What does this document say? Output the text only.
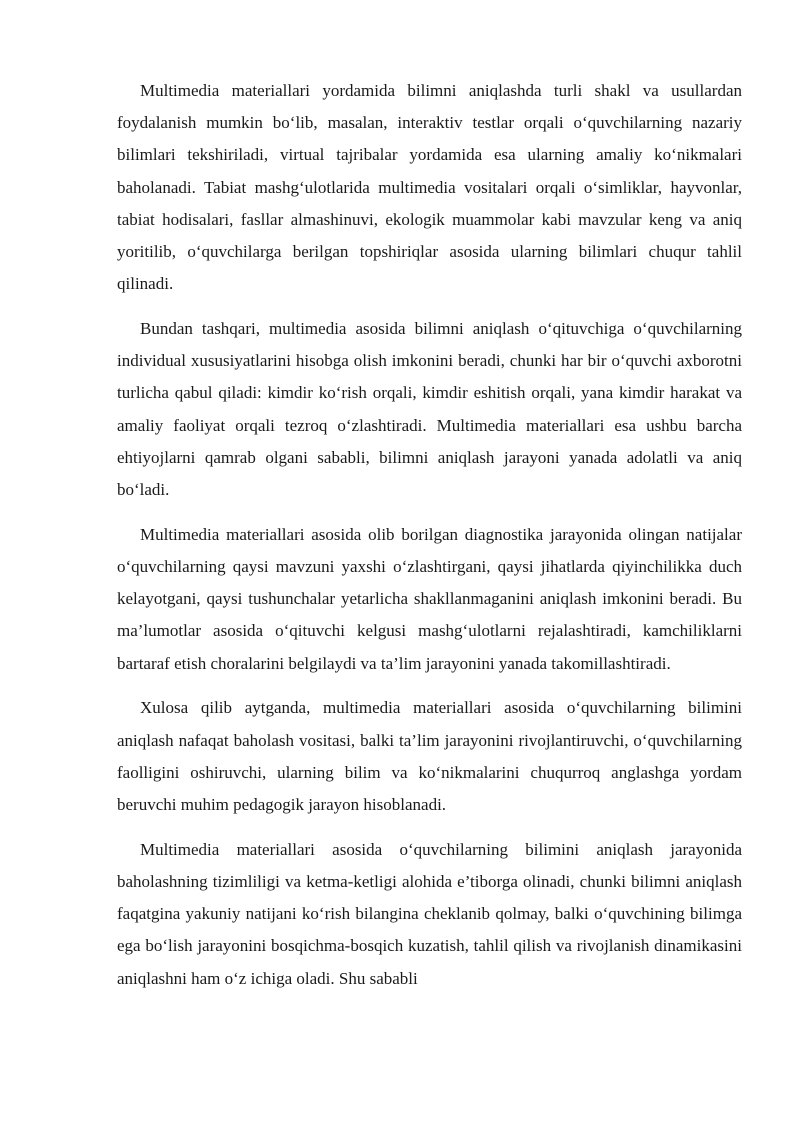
Multimedia materiallari yordamida bilimni aniqlashda turli shakl va usullardan foydalanish mumkin bo‘lib, masalan, interaktiv testlar orqali o‘quvchilarning nazariy bilimlari tekshiriladi, virtual tajribalar yordamida esa ularning amaliy ko‘nikmalari baholanadi. Tabiat mashg‘ulotlarida multimedia vositalari orqali o‘simliklar, hayvonlar, tabiat hodisalari, fasllar almashinuvi, ekologik muammolar kabi mavzular keng va aniq yoritilib, o‘quvchilarga berilgan topshiriqlar asosida ularning bilimlari chuqur tahlil qilinadi.

Bundan tashqari, multimedia asosida bilimni aniqlash o‘qituvchiga o‘quvchilarning individual xususiyatlarini hisobga olish imkonini beradi, chunki har bir o‘quvchi axborotni turlicha qabul qiladi: kimdir ko‘rish orqali, kimdir eshitish orqali, yana kimdir harakat va amaliy faoliyat orqali tezroq o‘zlashtiradi. Multimedia materiallari esa ushbu barcha ehtiyojlarni qamrab olgani sababli, bilimni aniqlash jarayoni yanada adolatli va aniq bo‘ladi.

Multimedia materiallari asosida olib borilgan diagnostika jarayonida olingan natijalar o‘quvchilarning qaysi mavzuni yaxshi o‘zlashtirgani, qaysi jihatlarda qiyinchilikka duch kelayotgani, qaysi tushunchalar yetarlicha shakllanmaganini aniqlash imkonini beradi. Bu ma’lumotlar asosida o‘qituvchi kelgusi mashg‘ulotlarni rejalashtiradi, kamchiliklarni bartaraf etish choralarini belgilaydi va ta’lim jarayonini yanada takomillashtiradi.

Xulosa qilib aytganda, multimedia materiallari asosida o‘quvchilarning bilimini aniqlash nafaqat baholash vositasi, balki ta’lim jarayonini rivojlantiruvchi, o‘quvchilarning faolligini oshiruvchi, ularning bilim va ko‘nikmalarini chuqurroq anglashga yordam beruvchi muhim pedagogik jarayon hisoblanadi.

Multimedia materiallari asosida o‘quvchilarning bilimini aniqlash jarayonida baholashning tizimliligi va ketma-ketligi alohida e’tiborga olinadi, chunki bilimni aniqlash faqatgina yakuniy natijani ko‘rish bilangina cheklanib qolmay, balki o‘quvchining bilimga ega bo‘lish jarayonini bosqichma-bosqich kuzatish, tahlil qilish va rivojlanish dinamikasini aniqlashni ham o‘z ichiga oladi. Shu sababli
